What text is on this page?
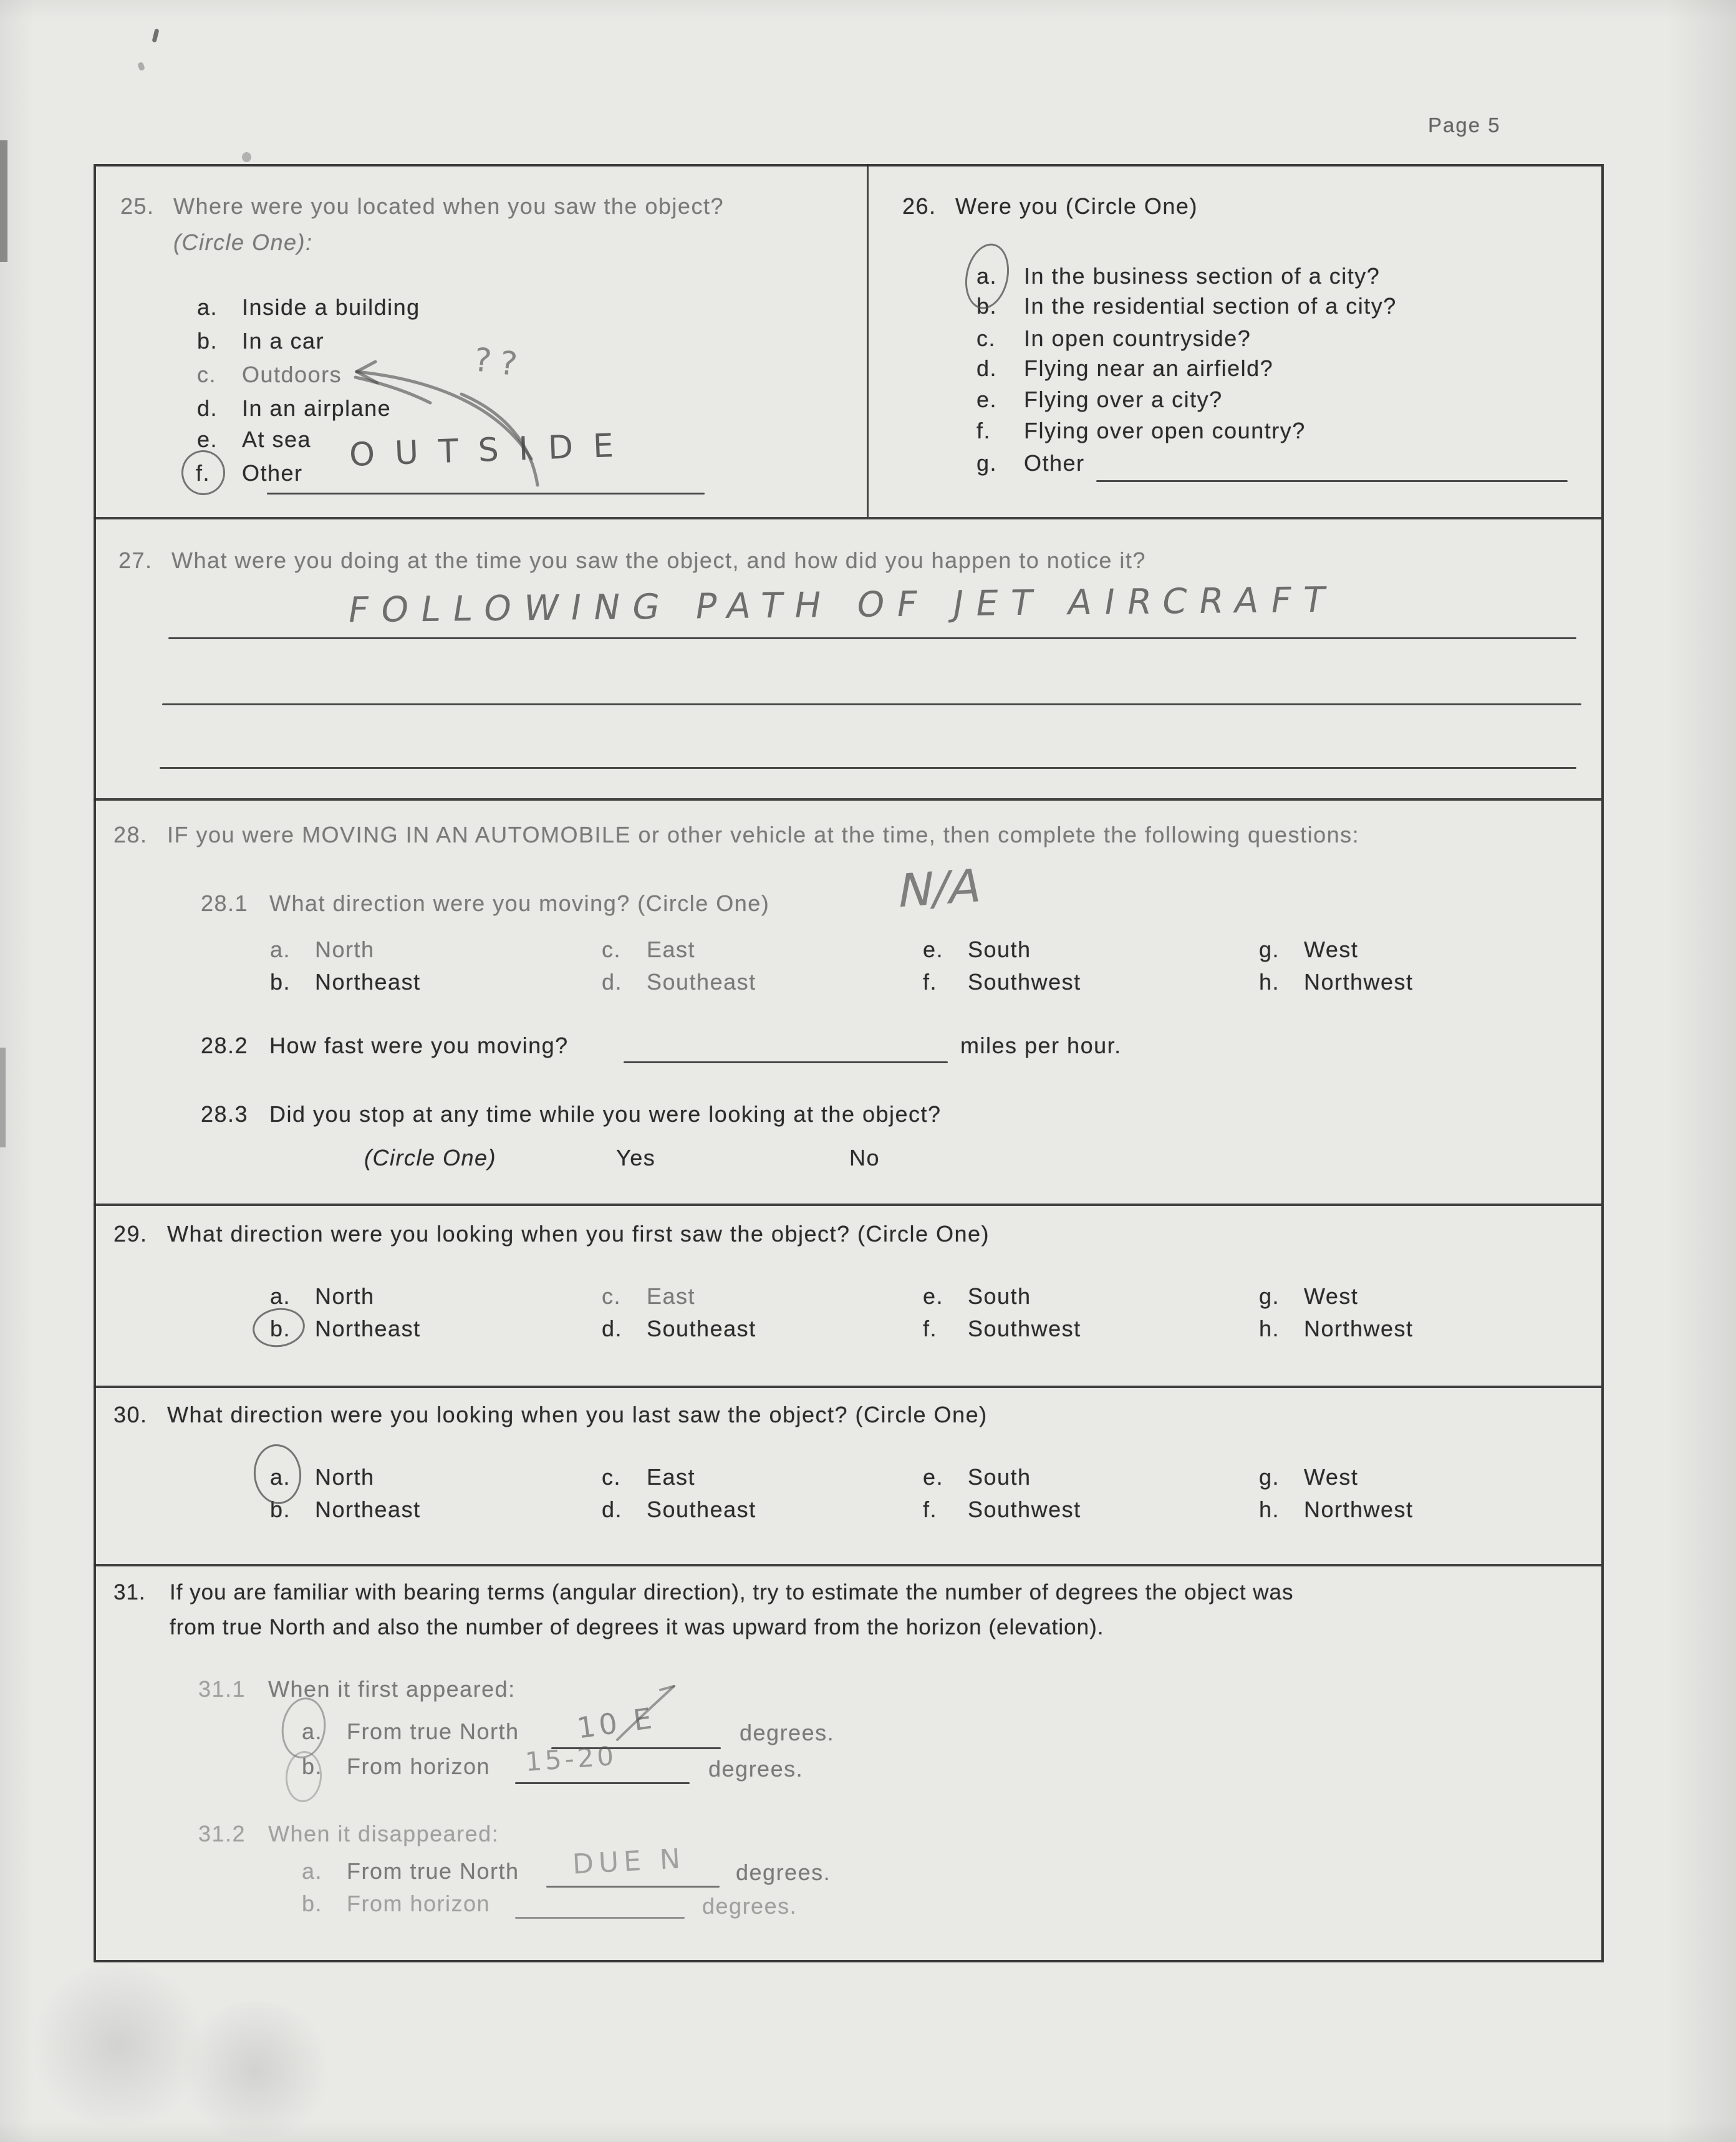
Page 5
25. Where were you located when you saw the object?
(Circle One):
a. Inside a building
b. In a car
c. Outdoors
d. In an airplane
e. At sea
f. Other OUTSIDE
??
26. Were you (Circle One)
a. In the business section of a city?
b. In the residential section of a city?
c. In open countryside?
d. Flying near an airfield?
e. Flying over a city?
f. Flying over open country?
g. Other
27. What were you doing at the time you saw the object, and how did you happen to notice it?
FOLLOWING PATH OF JET AIRCRAFT
28. IF you were MOVING IN AN AUTOMOBILE or other vehicle at the time, then complete the following questions:
28.1 What direction were you moving? (Circle One)	N/A
a. North
b. Northeast
c. East
d. Southeast
e. South
f. Southwest
g. West
h. Northwest
28.2 How fast were you moving?	miles per hour.
28.3 Did you stop at any time while you were looking at the object?
(Circle One)	Yes	No
29. What direction were you looking when you first saw the object? (Circle One)
a. North
b. Northeast
c. East
d. Southeast
e. South
f. Southwest
g. West
h. Northwest
30. What direction were you looking when you last saw the object? (Circle One)
a. North
b. Northeast
c. East
d. Southeast
e. South
f. Southwest
g. West
h. Northwest
31. If you are familiar with bearing terms (angular direction), try to estimate the number of degrees the object was
from true North and also the number of degrees it was upward from the horizon (elevation).
31.1 When it first appeared:
a. From true North 10 E	degrees.
b. From horizon 15-20	degrees.
31.2 When it disappeared:
a. From true North DUE N degrees.
b. From horizon	degrees.
